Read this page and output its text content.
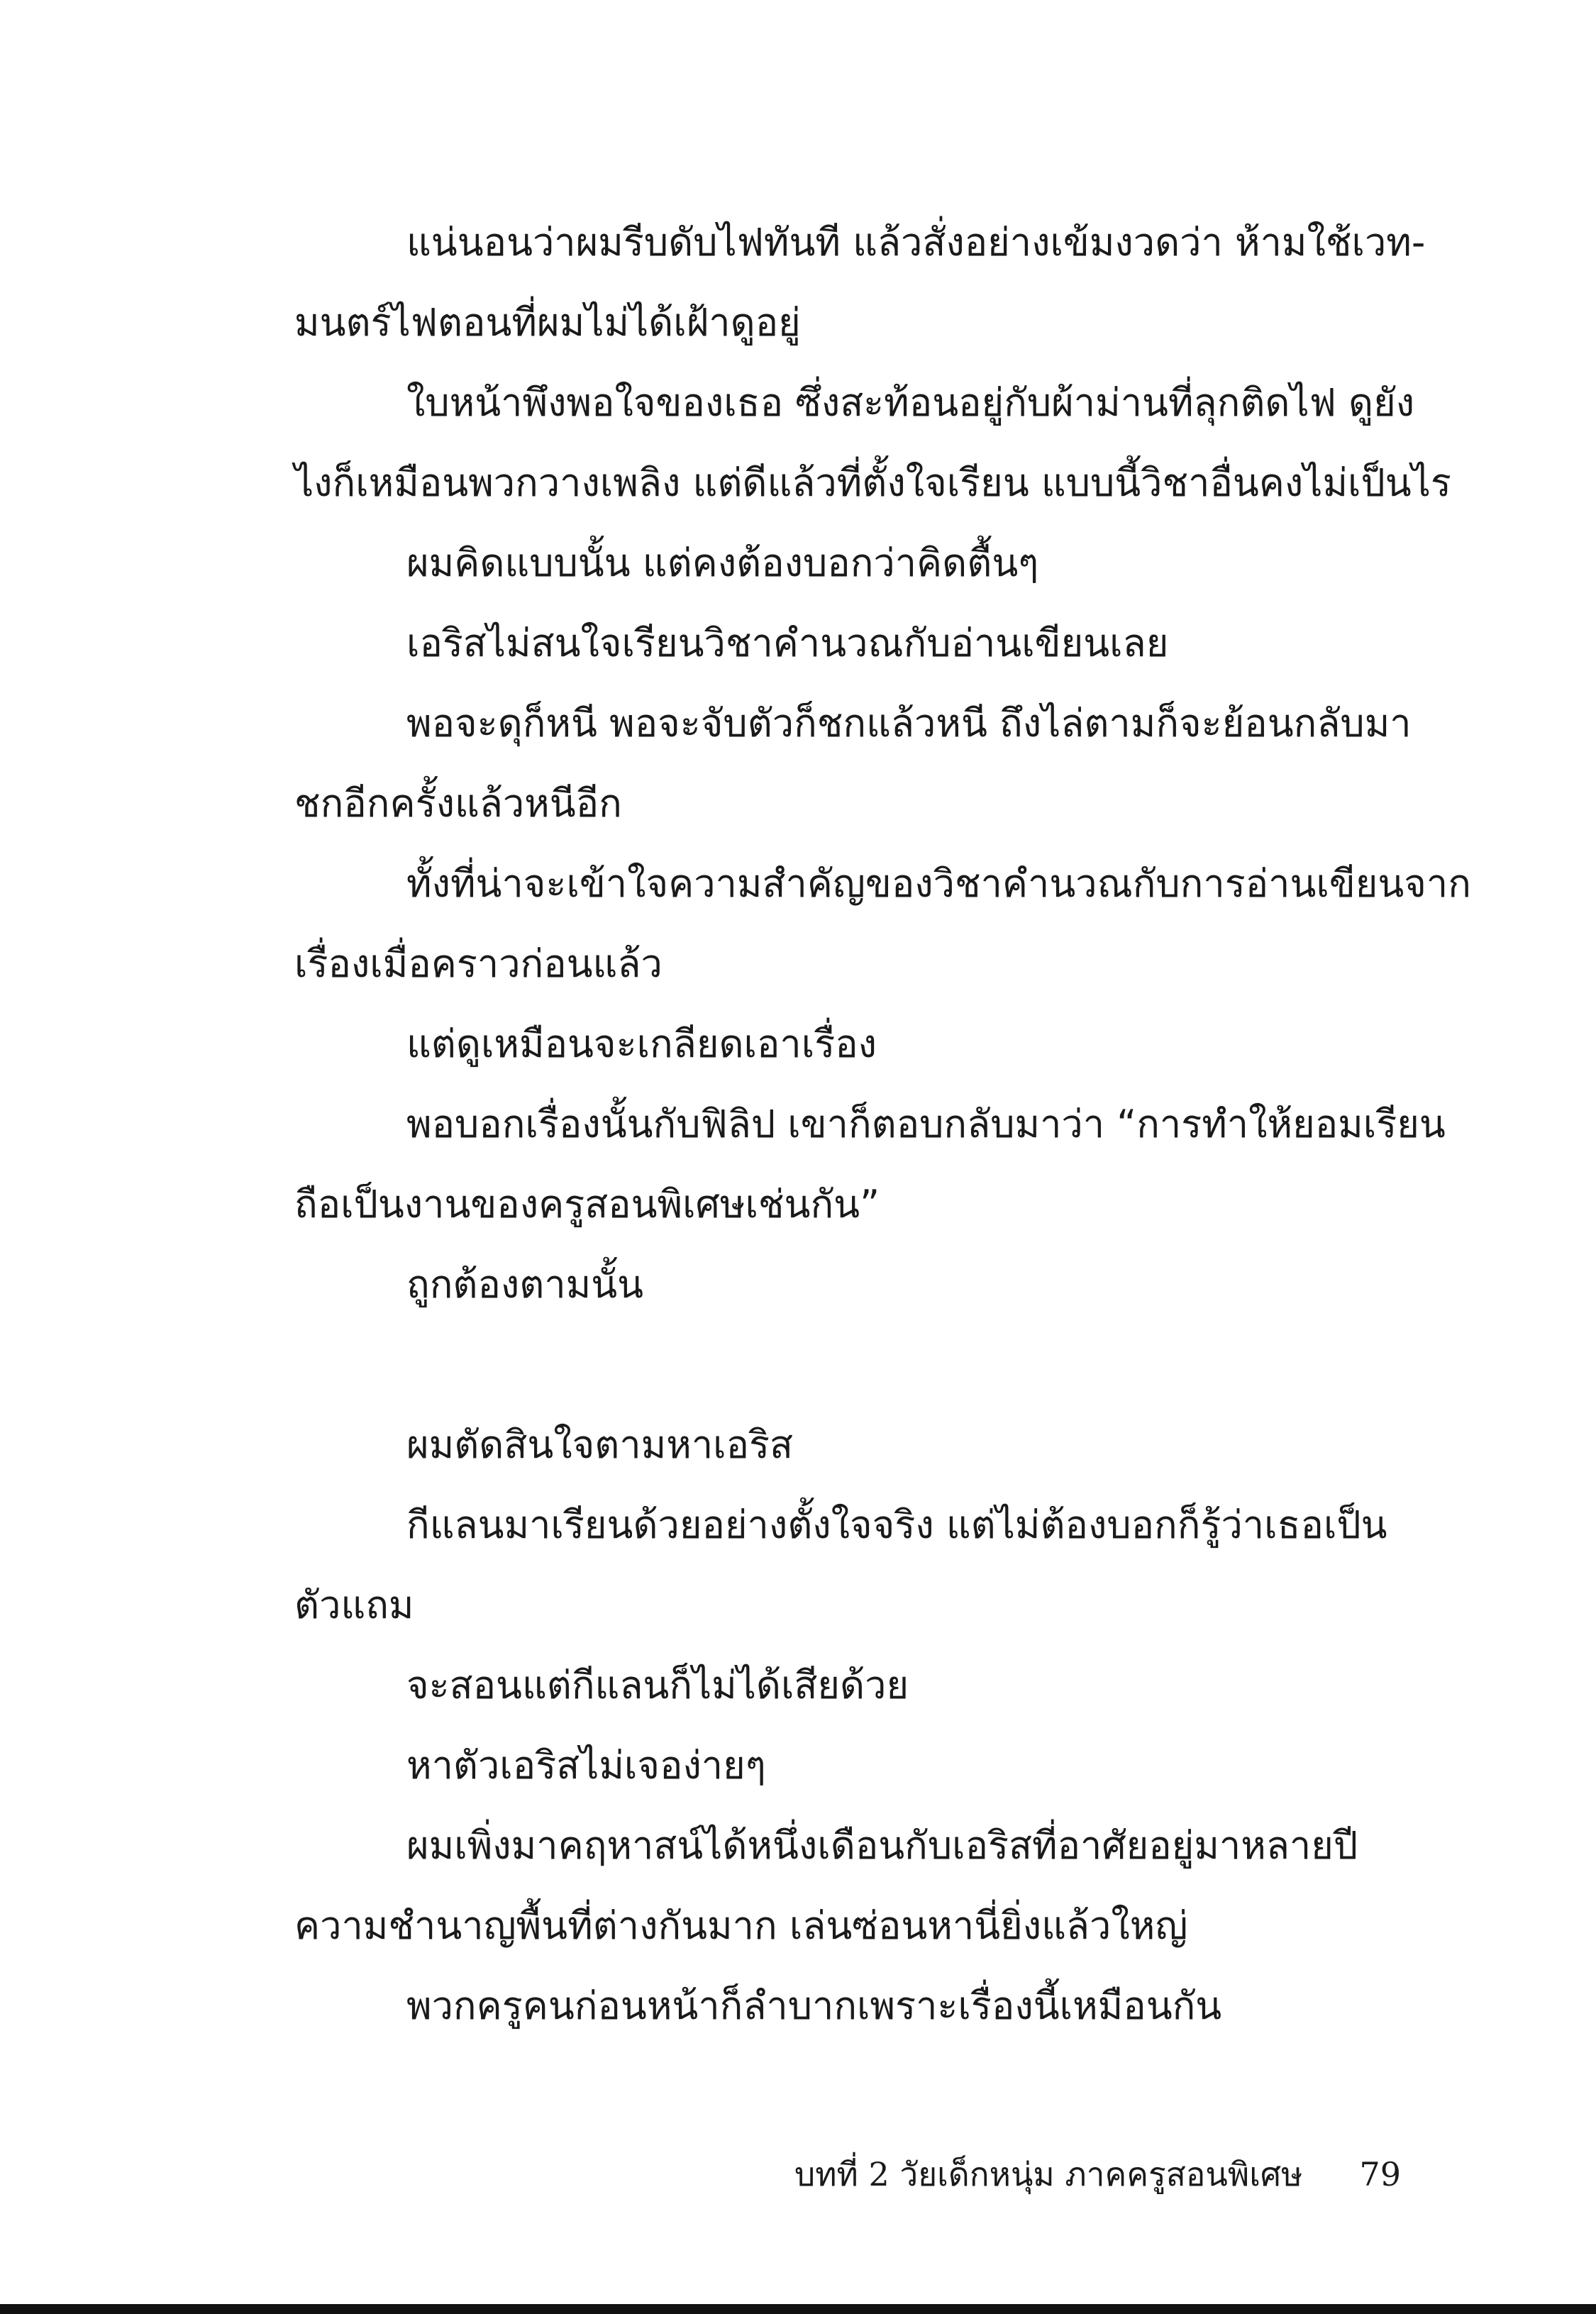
แน่นอนว่าผมรีบดับไฟทันที แล้วสั่งอย่างเข้มงวดว่า ห้ามใช้เวท-
มนตร์ไฟตอนที่ผมไม่ได้เฝ้าดูอยู่
ใบหน้าพึงพอใจของเธอ ซึ่งสะท้อนอยู่กับผ้าม่านที่ลุกติดไฟ ดูยัง
ไงก็เหมือนพวกวางเพลิง แต่ดีแล้วที่ตั้งใจเรียน แบบนี้วิชาอื่นคงไม่เป็นไร
ผมคิดแบบนั้น แต่คงต้องบอกว่าคิดตื้นๆ
เอริสไม่สนใจเรียนวิชาคำนวณกับอ่านเขียนเลย
พอจะดุก็หนี พอจะจับตัวก็ชกแล้วหนี ถึงไล่ตามก็จะย้อนกลับมา
ชกอีกครั้งแล้วหนีอีก
ทั้งที่น่าจะเข้าใจความสำคัญของวิชาคำนวณกับการอ่านเขียนจาก
เรื่องเมื่อคราวก่อนแล้ว
แต่ดูเหมือนจะเกลียดเอาเรื่อง
พอบอกเรื่องนั้นกับฟิลิป เขาก็ตอบกลับมาว่า “การทำให้ยอมเรียน
ถือเป็นงานของครูสอนพิเศษเช่นกัน”
ถูกต้องตามนั้น
ผมตัดสินใจตามหาเอริส
กีแลนมาเรียนด้วยอย่างตั้งใจจริง แต่ไม่ต้องบอกก็รู้ว่าเธอเป็น
ตัวแถม
จะสอนแต่กีแลนก็ไม่ได้เสียด้วย
หาตัวเอริสไม่เจอง่ายๆ
ผมเพิ่งมาคฤหาสน์ได้หนึ่งเดือนกับเอริสที่อาศัยอยู่มาหลายปี
ความชำนาญพื้นที่ต่างกันมาก เล่นซ่อนหานี่ยิ่งแล้วใหญ่
พวกครูคนก่อนหน้าก็ลำบากเพราะเรื่องนี้เหมือนกัน
บทที่ 2 วัยเด็กหนุ่ม ภาคครูสอนพิเศษ 79
